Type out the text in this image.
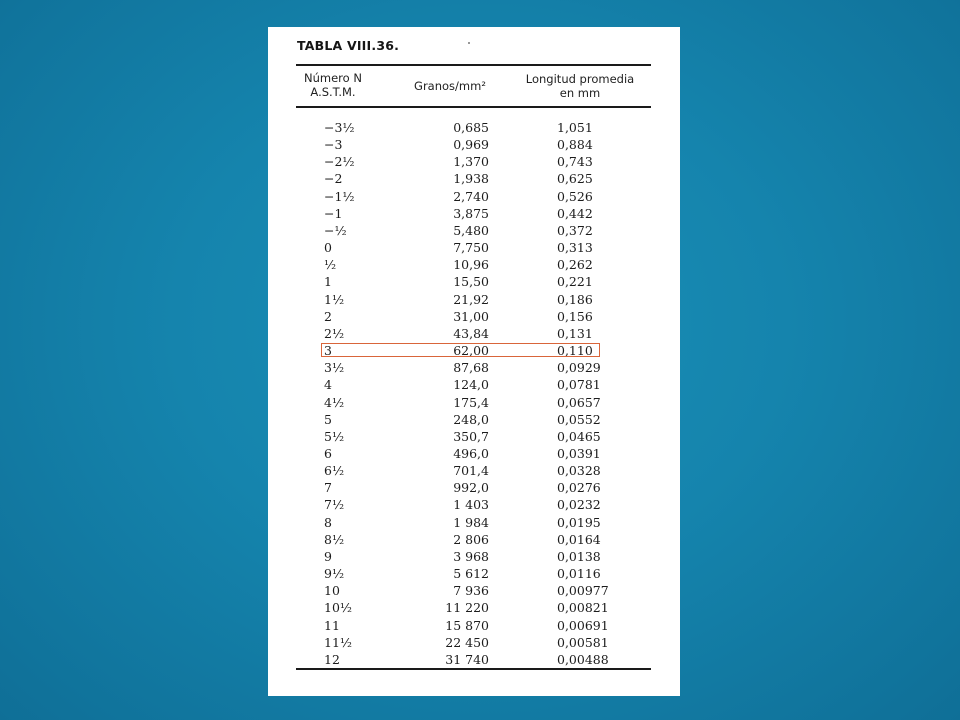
TABLA VIII.36.
Número N
A.S.T.M.	Granos/mm²	Longitud promedia
en mm
−3½	0,685	1,051
−3	0,969	0,884
−2½	1,370	0,743
−2	1,938	0,625
−1½	2,740	0,526
−1	3,875	0,442
−½	5,480	0,372
0	7,750	0,313
½	10,96	0,262
1	15,50	0,221
1½	21,92	0,186
2	31,00	0,156
2½	43,84	0,131
3	62,00	0,110
3½	87,68	0,0929
4	124,0	0,0781
4½	175,4	0,0657
5	248,0	0,0552
5½	350,7	0,0465
6	496,0	0,0391
6½	701,4	0,0328
7	992,0	0,0276
7½	1 403	0,0232
8	1 984	0,0195
8½	2 806	0,0164
9	3 968	0,0138
9½	5 612	0,0116
10	7 936	0,00977
10½	11 220	0,00821
11	15 870	0,00691
11½	22 450	0,00581
12	31 740	0,00488
